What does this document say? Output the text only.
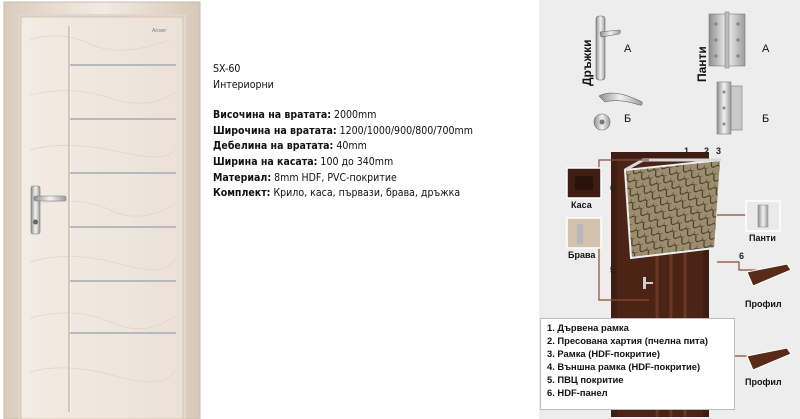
Anser
SX-60
Интериорни
Височина на вратата: 2000mm
Широчина на вратата: 1200/1000/900/800/700mm
Дебелина на вратата: 40mm
Ширина на касата: 100 до 340mm
Материал: 8mm HDF, PVC-покритие
Комплект: Крило, каса, първази, брава, дръжка
Дръжки	Панти
А
Б
А
Б
Каса
Брава
Панти
Профил
Профил
1 2 3
6
5
6
1. Дървена рамка
2. Пресована хартия (пчелна пита)
3. Рамка (HDF-покритие)
4. Външна рамка (HDF-покритие)
5. ПВЦ покритие
6. HDF-панел
